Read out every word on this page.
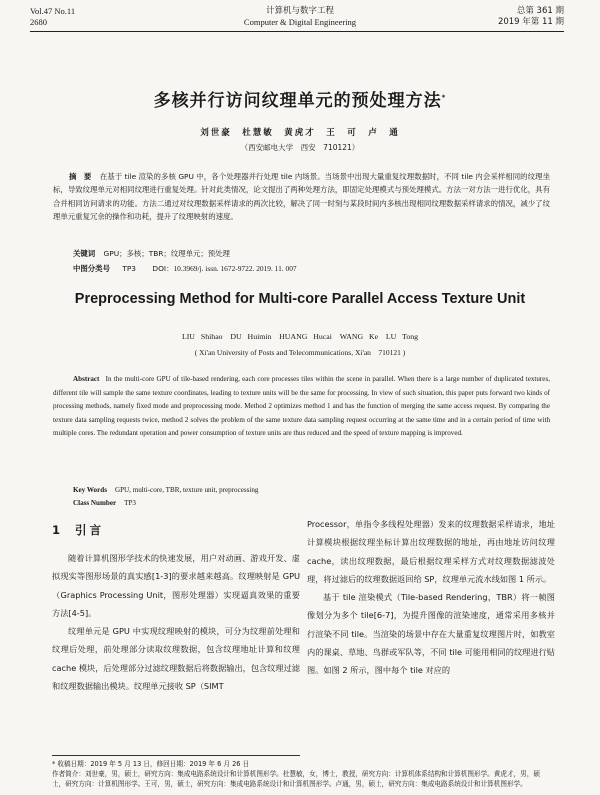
Vol.47 No.11
2680
计算机与数字工程
Computer & Digital Engineering
总第 361 期
2019 年第 11 期
多核并行访问纹理单元的预处理方法*
刘世豪　杜慧敏　黄虎才　王　可　卢　通
（西安邮电大学　西安　710121）
摘　要 在基于 tile 渲染的多核 GPU 中，各个处理器并行处理 tile 内场景。当场景中出现大量重复纹理数据时，不同 tile 内会采样相同的纹理坐标，导致纹理单元对相同纹理进行重复处理。针对此类情况，论文提出了两种处理方法，即固定处理模式与预处理模式。方法一对方法一进行优化，具有合并相同访问请求的功能。方法二通过对纹理数据采样请求的两次比较，解决了同一时刻与某段时间内多核出现相同纹理数据采样请求的情况，减少了纹理单元重复冗余的操作和功耗，提升了纹理映射的速度。
关键词 GPU；多核；TBR；纹理单元；预处理
中图分类号 TP3 DOI：10.3969/j. issn. 1672-9722. 2019. 11. 007
Preprocessing Method for Multi-core Parallel Access Texture Unit
LIU Shihao　DU Huimin　HUANG Hucai　WANG Ke　LU Tong
( Xi'an University of Posts and Telecommunications, Xi'an　710121 )
Abstract In the multi-core GPU of tile-based rendering, each core processes tiles within the scene in parallel. When there is a large number of duplicated textures, different tile will sample the same texture coordinates, leading to texture units will be the same for processing. In view of such situation, this paper puts forward two kinds of processing methods, namely fixed mode and preprocessing mode. Method 2 optimizes method 1 and has the function of merging the same access request. By comparing the texture data sampling requests twice, method 2 solves the problem of the same texture data sampling request occurring at the same time and in a certain period of time with multiple cores. The redundant operation and power consumption of texture units are thus reduced and the speed of texture mapping is improved.
Key Words GPU, multi-core, TBR, texture unit, preprocessing
Class Number TP3
1 引言
随着计算机图形学技术的快速发展，用户对动画、游戏开发、虚拟现实等图形场景的真实感[1-3]的要求越来越高。纹理映射是 GPU（Graphics Processing Unit，图形处理器）实现逼真效果的重要方法[4-5]。
纹理单元是 GPU 中实现纹理映射的模块，可分为纹理前处理和纹理后处理，前处理部分读取纹理数据，包含纹理地址计算和纹理 cache 模块，后处理部分过滤纹理数据后将数据输出，包含纹理过滤和纹理数据输出模块。纹理单元接收 SP（SIMT
Processor，单指令多线程处理器）发来的纹理数据采样请求，地址计算模块根据纹理坐标计算出纹理数据的地址，再由地址访问纹理 cache，读出纹理数据，最后根据纹理采样方式对纹理数据滤波处理，将过滤后的纹理数据返回给 SP，纹理单元流水线如图 1 所示。
基于 tile 渲染模式（Tile-based Rendering，TBR）将一帧图像划分为多个 tile[6-7]，为提升图像的渲染速度，通常采用多核并行渲染不同 tile。当渲染的场景中存在大量重复纹理图片时，如教室内的课桌、草地、鸟群或军队等，不同 tile 可能用相同的纹理进行贴图。如图 2 所示，图中每个 tile 对应的
* 收稿日期：2019 年 5 月 13 日，修回日期：2019 年 6 月 26 日
作者简介：刘世豪，男，硕士，研究方向：集成电路系统设计和计算机图形学。杜慧敏，女，博士，教授，研究方向：计算机体系结构和计算机图形学。黄虎才，男，硕士，研究方向：计算机图形学。王可，男，硕士，研究方向：集成电路系统设计和计算机图形学。卢通，男，硕士，研究方向：集成电路系统设计和计算机图形学。
